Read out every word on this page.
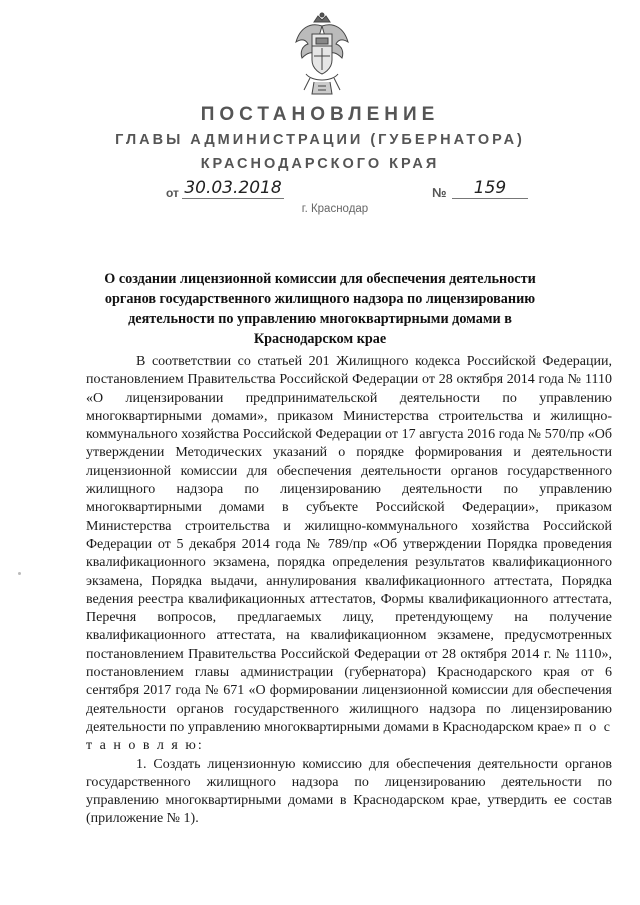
ПОСТАНОВЛЕНИЕ
ГЛАВЫ АДМИНИСТРАЦИИ (ГУБЕРНАТОРА)
КРАСНОДАРСКОГО КРАЯ
от 30.03.2018	№	159
г. Краснодар
О создании лицензионной комиссии для обеспечения деятельности органов государственного жилищного надзора по лицензированию деятельности по управлению многоквартирными домами в Краснодарском крае

В соответствии со статьей 201 Жилищного кодекса Российской Федерации, постановлением Правительства Российской Федерации от 28 октября 2014 года № 1110 «О лицензировании предпринимательской деятельности по управлению многоквартирными домами», приказом Министерства строительства и жилищно-коммунального хозяйства Российской Федерации от 17 августа 2016 года № 570/пр «Об утверждении Методических указаний о порядке формирования и деятельности лицензионной комиссии для обеспечения деятельности органов государственного жилищного надзора по лицензированию деятельности по управлению многоквартирными домами в субъекте Российской Федерации», приказом Министерства строительства и жилищно-коммунального хозяйства Российской Федерации от 5 декабря 2014 года № 789/пр «Об утверждении Порядка проведения квалификационного экзамена, порядка определения результатов квалификационного экзамена, Порядка выдачи, аннулирования квалификационного аттестата, Порядка ведения реестра квалификационных аттестатов, Формы квалификационного аттестата, Перечня вопросов, предлагаемых лицу, претендующему на получение квалификационного аттестата, на квалификационном экзамене, предусмотренных постановлением Правительства Российской Федерации от 28 октября 2014 г. № 1110», постановлением главы администрации (губернатора) Краснодарского края от 6 сентября 2017 года № 671 «О формировании лицензионной комиссии для обеспечения деятельности органов государственного жилищного надзора по лицензированию деятельности по управлению многоквартирными домами в Краснодарском крае» п о с т а н о в л я ю:

1. Создать лицензионную комиссию для обеспечения деятельности органов государственного жилищного надзора по лицензированию деятельности по управлению многоквартирными домами в Краснодарском крае, утвердить ее состав (приложение № 1).
